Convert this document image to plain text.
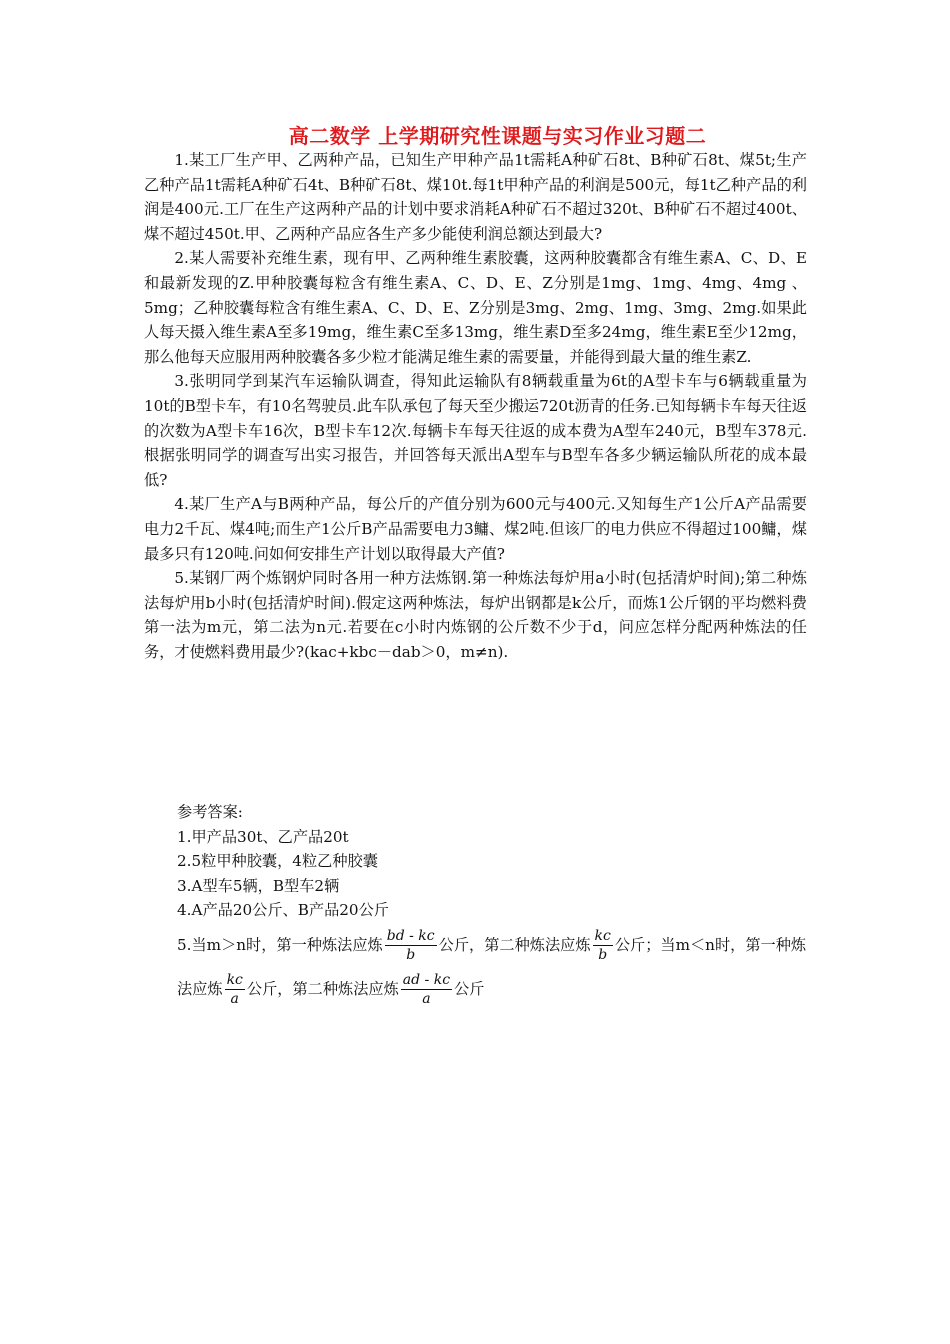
高二数学 上学期研究性课题与实习作业习题二

1.某工厂生产甲、乙两种产品，已知生产甲种产品1t需耗A种矿石8t、B种矿石8t、煤5t;生产乙种产品1t需耗A种矿石4t、B种矿石8t、煤10t.每1t甲种产品的利润是500元，每1t乙种产品的利润是400元.工厂在生产这两种产品的计划中要求消耗A种矿石不超过320t、B种矿石不超过400t、煤不超过450t.甲、乙两种产品应各生产多少能使利润总额达到最大?

2.某人需要补充维生素，现有甲、乙两种维生素胶囊，这两种胶囊都含有维生素A、C、D、E和最新发现的Z.甲种胶囊每粒含有维生素A、C、D、E、Z分别是1mg、1mg、4mg、4mg 、5mg；乙种胶囊每粒含有维生素A、C、D、E、Z分别是3mg、2mg、1mg、3mg、2mg.如果此人每天摄入维生素A至多19mg，维生素C至多13mg，维生素D至多24mg，维生素E至少12mg，那么他每天应服用两种胶囊各多少粒才能满足维生素的需要量，并能得到最大量的维生素Z.

3.张明同学到某汽车运输队调查，得知此运输队有8辆载重量为6t的A型卡车与6辆载重量为10t的B型卡车，有10名驾驶员.此车队承包了每天至少搬运720t沥青的任务.已知每辆卡车每天往返的次数为A型卡车16次，B型卡车12次.每辆卡车每天往返的成本费为A型车240元，B型车378元.根据张明同学的调查写出实习报告，并回答每天派出A型车与B型车各多少辆运输队所花的成本最低?

4.某厂生产A与B两种产品，每公斤的产值分别为600元与400元.又知每生产1公斤A产品需要电力2千瓦、煤4吨;而生产1公斤B产品需要电力3鳙、煤2吨.但该厂的电力供应不得超过100鳙，煤最多只有120吨.问如何安排生产计划以取得最大产值?

5.某钢厂两个炼钢炉同时各用一种方法炼钢.第一种炼法每炉用a小时(包括清炉时间);第二种炼法每炉用b小时(包括清炉时间).假定这两种炼法，每炉出钢都是k公斤，而炼1公斤钢的平均燃料费第一法为m元，第二法为n元.若要在c小时内炼钢的公斤数不少于d，问应怎样分配两种炼法的任务，才使燃料费用最少?(kac+kbc－dab＞0，m≠n).

参考答案:
1.甲产品30t、乙产品20t
2.5粒甲种胶囊，4粒乙种胶囊
3.A型车5辆，B型车2辆
4.A产品20公斤、B产品20公斤
5.当m＞n时，第一种炼法应炼 $\frac{bd - kc}{b}$ 公斤，第二种炼法应炼 $\frac{kc}{b}$ 公斤；当m＜n时，第一种炼法应炼 $\frac{kc}{a}$ 公斤，第二种炼法应炼 $\frac{ad - kc}{a}$ 公斤
